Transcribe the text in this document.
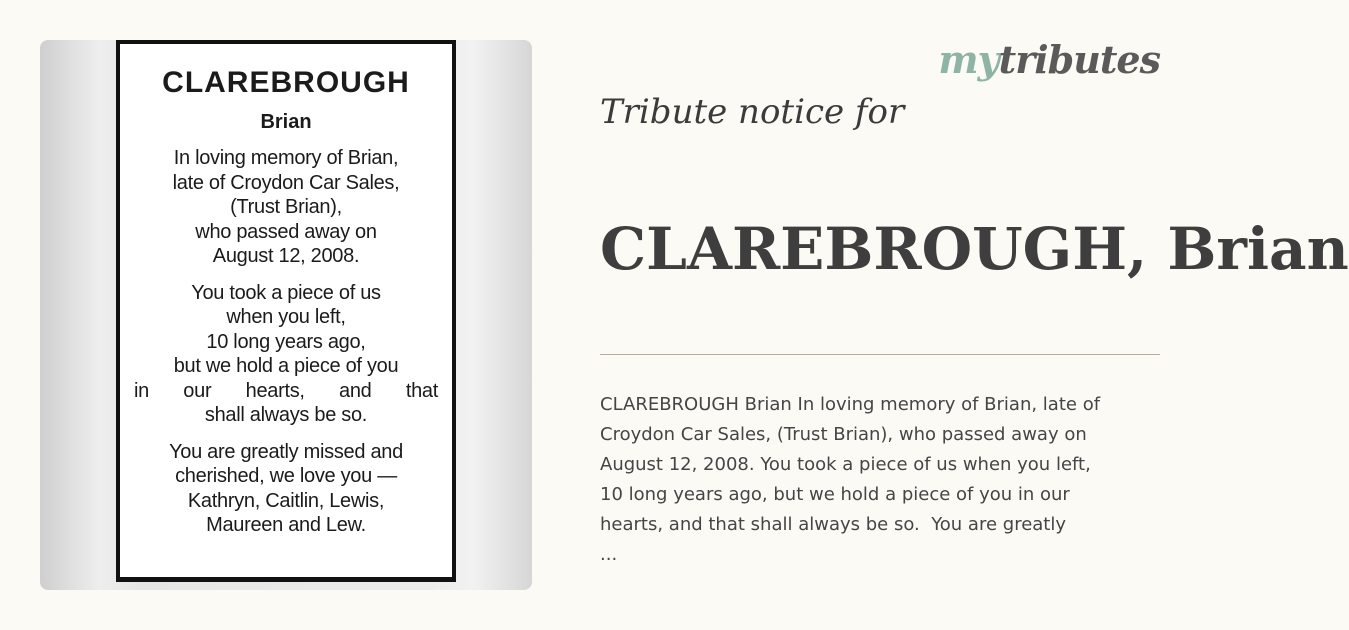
CLAREBROUGH
Brian
In loving memory of Brian,
late of Croydon Car Sales,
(Trust Brian),
who passed away on
August 12, 2008.
You took a piece of us
when you left,
10 long years ago,
but we hold a piece of you
in our hearts, and that
shall always be so.
You are greatly missed and
cherished, we love you —
Kathryn, Caitlin, Lewis,
Maureen and Lew.
mytributes
Tribute notice for
CLAREBROUGH, Brian
CLAREBROUGH Brian In loving memory of Brian, late of
Croydon Car Sales, (Trust Brian), who passed away on
August 12, 2008. You took a piece of us when you left,
10 long years ago, but we hold a piece of you in our
hearts, and that shall always be so.  You are greatly
...
